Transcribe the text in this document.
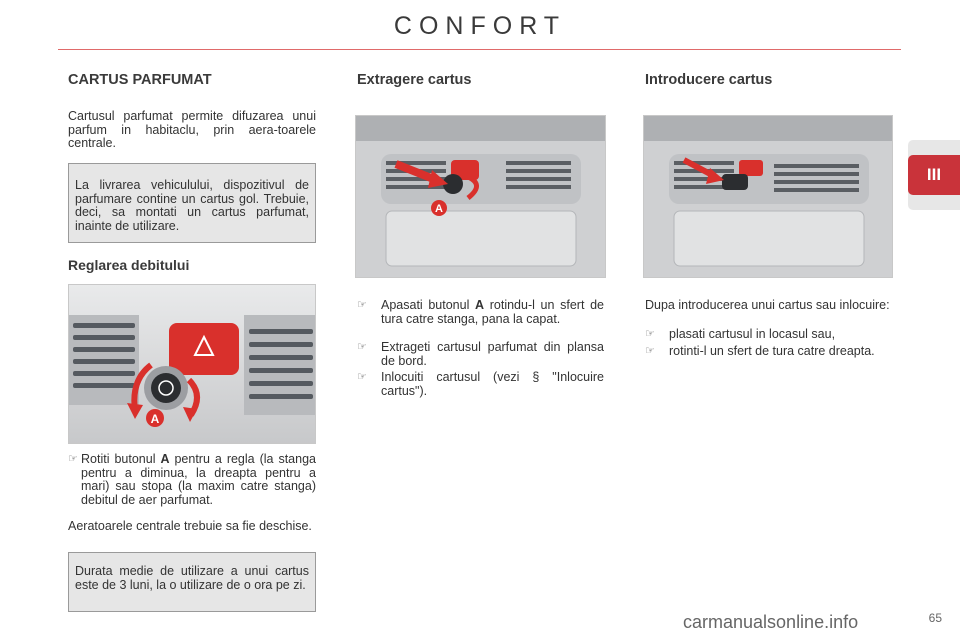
CONFORT
III
CARTUS PARFUMAT
Cartusul parfumat permite difuzarea unui parfum in habitaclu, prin aera-toarele centrale.
La livrarea vehiculului, dispozitivul de parfumare contine un cartus gol. Trebuie, deci, sa montati un cartus parfumat, inainte de utilizare.
Reglarea debitului
A
☞ Rotiti butonul A pentru a regla (la stanga pentru a diminua, la dreapta pentru a mari) sau stopa (la maxim catre stanga) debitul de aer parfumat.
Aeratoarele centrale trebuie sa fie deschise.
Durata medie de utilizare a unui cartus este de 3 luni, la o utilizare de o ora pe zi.
Extragere cartus
A
☞ Apasati butonul A rotindu-l un sfert de tura catre stanga, pana la capat.
☞ Extrageti cartusul parfumat din plansa de bord.
☞ Inlocuiti cartusul (vezi § "Inlocuire cartus").
Introducere cartus
Dupa introducerea unui cartus sau inlocuire:
☞ plasati cartusul in locasul sau,
☞ rotinti-l un sfert de tura catre dreapta.
65
carmanualsonline.info
